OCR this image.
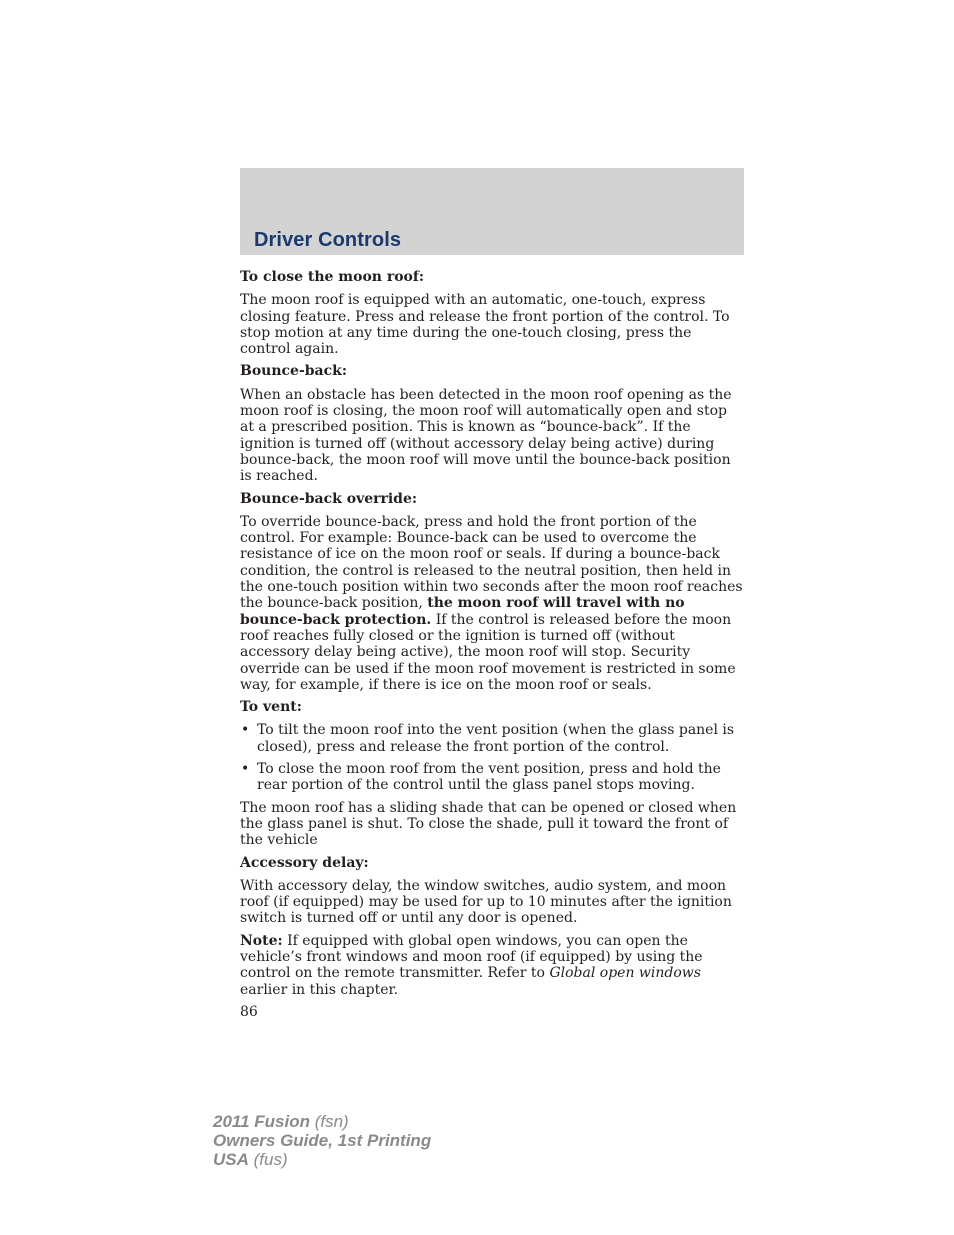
Driver Controls

To close the moon roof:

The moon roof is equipped with an automatic, one-touch, express closing feature. Press and release the front portion of the control. To stop motion at any time during the one-touch closing, press the control again.

Bounce-back:

When an obstacle has been detected in the moon roof opening as the moon roof is closing, the moon roof will automatically open and stop at a prescribed position. This is known as “bounce-back”. If the ignition is turned off (without accessory delay being active) during bounce-back, the moon roof will move until the bounce-back position is reached.

Bounce-back override:

To override bounce-back, press and hold the front portion of the control. For example: Bounce-back can be used to overcome the resistance of ice on the moon roof or seals. If during a bounce-back condition, the control is released to the neutral position, then held in the one-touch position within two seconds after the moon roof reaches the bounce-back position, the moon roof will travel with no bounce-back protection. If the control is released before the moon roof reaches fully closed or the ignition is turned off (without accessory delay being active), the moon roof will stop. Security override can be used if the moon roof movement is restricted in some way, for example, if there is ice on the moon roof or seals.

To vent:

• To tilt the moon roof into the vent position (when the glass panel is closed), press and release the front portion of the control.
• To close the moon roof from the vent position, press and hold the rear portion of the control until the glass panel stops moving.

The moon roof has a sliding shade that can be opened or closed when the glass panel is shut. To close the shade, pull it toward the front of the vehicle

Accessory delay:

With accessory delay, the window switches, audio system, and moon roof (if equipped) may be used for up to 10 minutes after the ignition switch is turned off or until any door is opened.

Note: If equipped with global open windows, you can open the vehicle’s front windows and moon roof (if equipped) by using the control on the remote transmitter. Refer to Global open windows earlier in this chapter.

86

2011 Fusion (fsn)
Owners Guide, 1st Printing
USA (fus)
